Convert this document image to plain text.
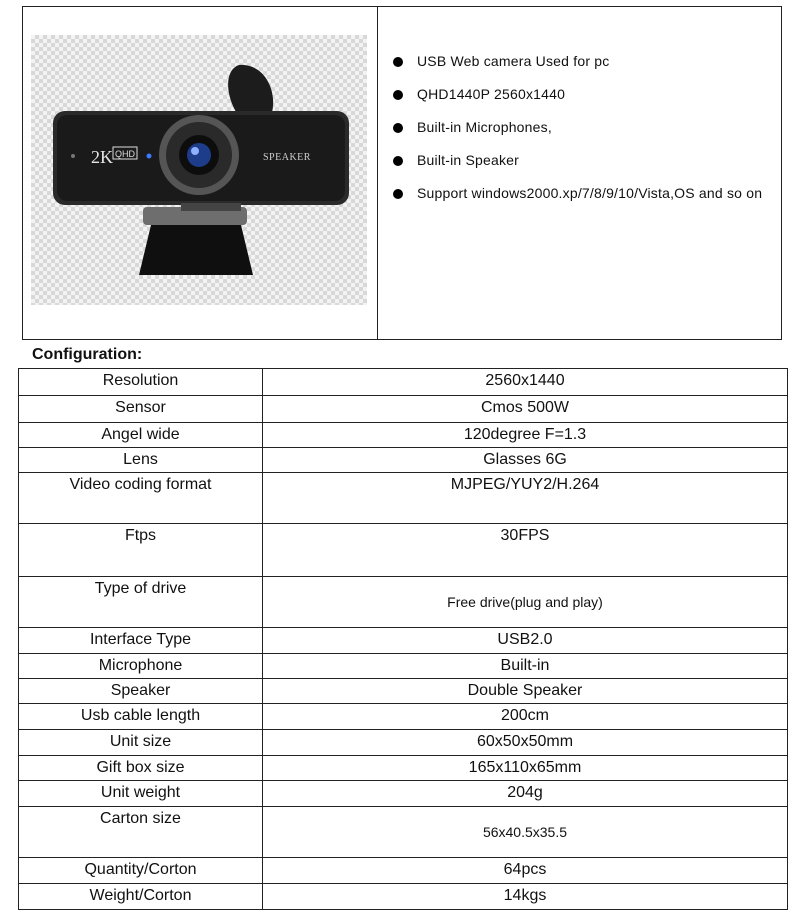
2K QHD	SPEAKER
USB Web camera Used for pc
QHD1440P 2560x1440
Built-in Microphones,
Built-in Speaker
Support windows2000.xp/7/8/9/10/Vista,OS and so on
Configuration:
Resolution	2560x1440
Sensor	Cmos 500W
Angel wide	120degree F=1.3
Lens	Glasses 6G
Video coding format	MJPEG/YUY2/H.264
Ftps	30FPS
Type of drive	Free drive(plug and play)
Interface Type	USB2.0
Microphone	Built-in
Speaker	Double Speaker
Usb cable length	200cm
Unit size	60x50x50mm
Gift box size	165x110x65mm
Unit weight	204g
Carton size	56x40.5x35.5
Quantity/Corton	64pcs
Weight/Corton	14kgs
